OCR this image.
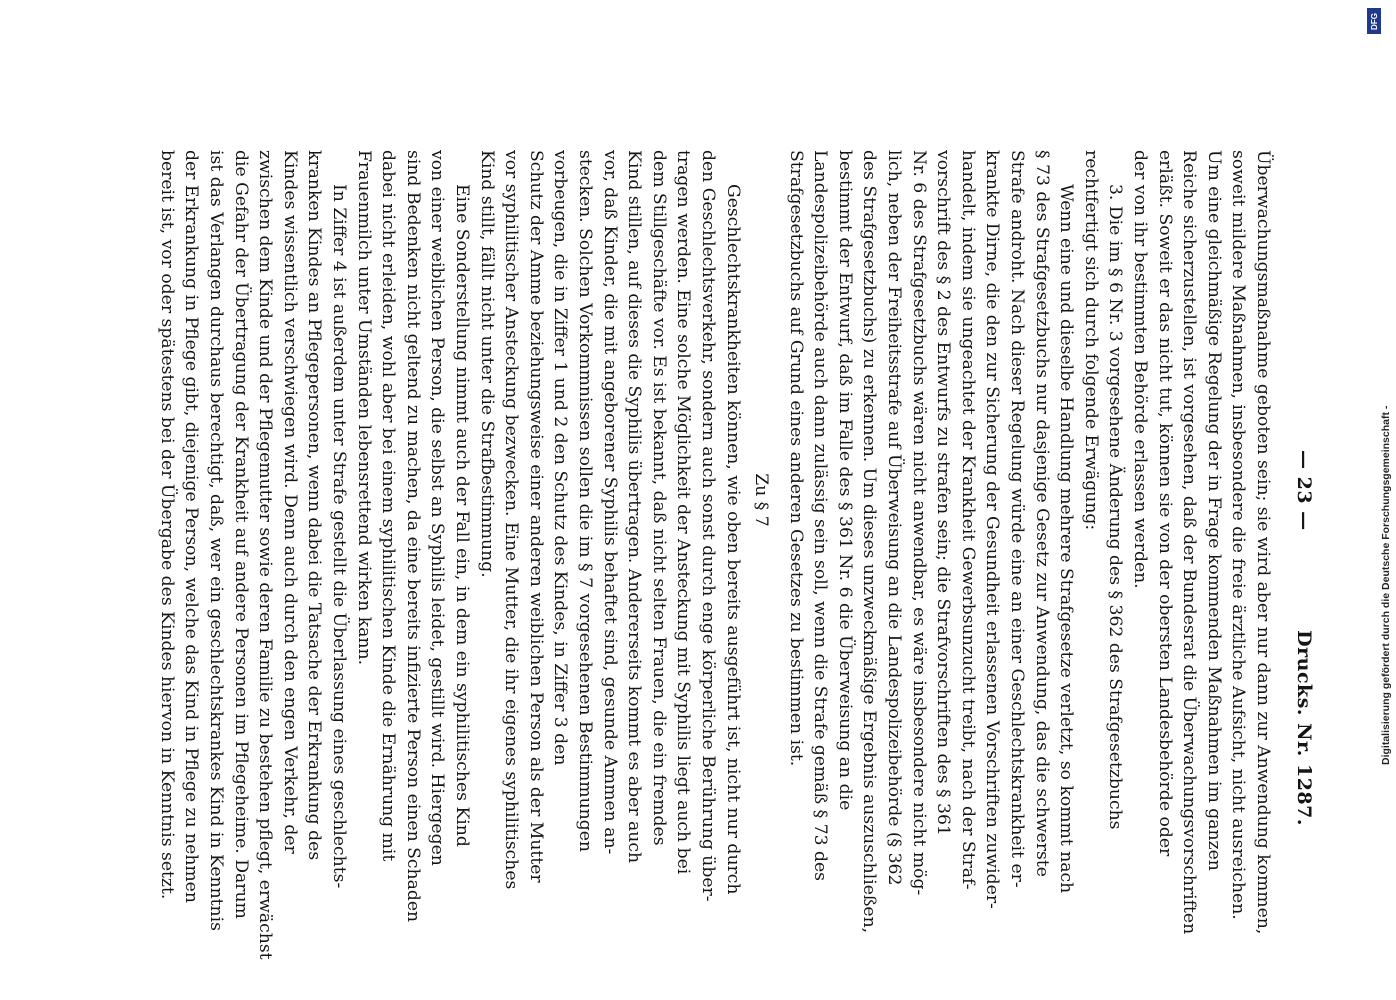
— 23 —
Drucks. Nr. 1287.
Überwachungsmaßnahme geboten sein; sie wird aber nur dann zur Anwendung kommen,
soweit mildere Maßnahmen, insbesondere die freie ärztliche Aufsicht, nicht ausreichen.
Um eine gleichmäßige Regelung der in Frage kommenden Maßnahmen im ganzen
Reiche sicherzustellen, ist vorgesehen, daß der Bundesrat die Überwachungsvorschriften
erläßt. Soweit er das nicht tut, können sie von der obersten Landesbehörde oder
der von ihr bestimmten Behörde erlassen werden.
3. Die im § 6 Nr. 3 vorgesehene Änderung des § 362 des Strafgesetzbuchs
rechtfertigt sich durch folgende Erwägung:
Wenn eine und dieselbe Handlung mehrere Strafgesetze verletzt, so kommt nach
§ 73 des Strafgesetzbuchs nur dasjenige Gesetz zur Anwendung, das die schwerste
Strafe androht. Nach dieser Regelung würde eine an einer Geschlechtskrankheit er-
krankte Dirne, die den zur Sicherung der Gesundheit erlassenen Vorschriften zuwider-
handelt, indem sie ungeachtet der Krankheit Gewerbsunzucht treibt, nach der Straf-
vorschrift des § 2 des Entwurfs zu strafen sein; die Strafvorschriften des § 361
Nr. 6 des Strafgesetzbuchs wären nicht anwendbar, es wäre insbesondere nicht mög-
lich, neben der Freiheitsstrafe auf Überweisung an die Landespolizeibehörde (§ 362
des Strafgesetzbuchs) zu erkennen. Um dieses unzweckmäßige Ergebnis auszuschließen,
bestimmt der Entwurf, daß im Falle des § 361 Nr. 6 die Überweisung an die
Landespolizeibehörde auch dann zulässig sein soll, wenn die Strafe gemäß § 73 des
Strafgesetzbuchs auf Grund eines anderen Gesetzes zu bestimmen ist.
Zu § 7
Geschlechtskrankheiten können, wie oben bereits ausgeführt ist, nicht nur durch
den Geschlechtsverkehr, sondern auch sonst durch enge körperliche Berührung über-
tragen werden. Eine solche Möglichkeit der Ansteckung mit Syphilis liegt auch bei
dem Stillgeschäfte vor. Es ist bekannt, daß nicht selten Frauen, die ein fremdes
Kind stillen, auf dieses die Syphilis übertragen. Andererseits kommt es aber auch
vor, daß Kinder, die mit angeborener Syphilis behaftet sind, gesunde Ammen an-
stecken. Solchen Vorkommnissen sollen die im § 7 vorgesehenen Bestimmungen
vorbeugen, die in Ziffer 1 und 2 den Schutz des Kindes, in Ziffer 3 den
Schutz der Amme beziehungsweise einer anderen weiblichen Person als der Mutter
vor syphilitischer Ansteckung bezwecken. Eine Mutter, die ihr eigenes syphilitisches
Kind stillt, fällt nicht unter die Strafbestimmung.
Eine Sonderstellung nimmt auch der Fall ein, in dem ein syphilitisches Kind
von einer weiblichen Person, die selbst an Syphilis leidet, gestillt wird. Hiergegen
sind Bedenken nicht geltend zu machen, da eine bereits infizierte Person einen Schaden
dabei nicht erleiden, wohl aber bei einem syphilitischen Kinde die Ernährung mit
Frauenmilch unter Umständen lebensrettend wirken kann.
In Ziffer 4 ist außerdem unter Strafe gestellt die Überlassung eines geschlechts-
kranken Kindes an Pflegepersonen, wenn dabei die Tatsache der Erkrankung des
Kindes wissentlich verschwiegen wird. Denn auch durch den engen Verkehr, der
zwischen dem Kinde und der Pflegemutter sowie deren Familie zu bestehen pflegt, erwächst
die Gefahr der Übertragung der Krankheit auf andere Personen im Pflegeheime. Darum
ist das Verlangen durchaus berechtigt, daß, wer ein geschlechtskrankes Kind in Kenntnis
der Erkrankung in Pflege gibt, diejenige Person, welche das Kind in Pflege zu nehmen
bereit ist, vor oder spätestens bei der Übergabe des Kindes hiervon in Kenntnis setzt.
DFG
Digitalisierung gefördert durch die Deutsche Forschungsgemeinschaft -
